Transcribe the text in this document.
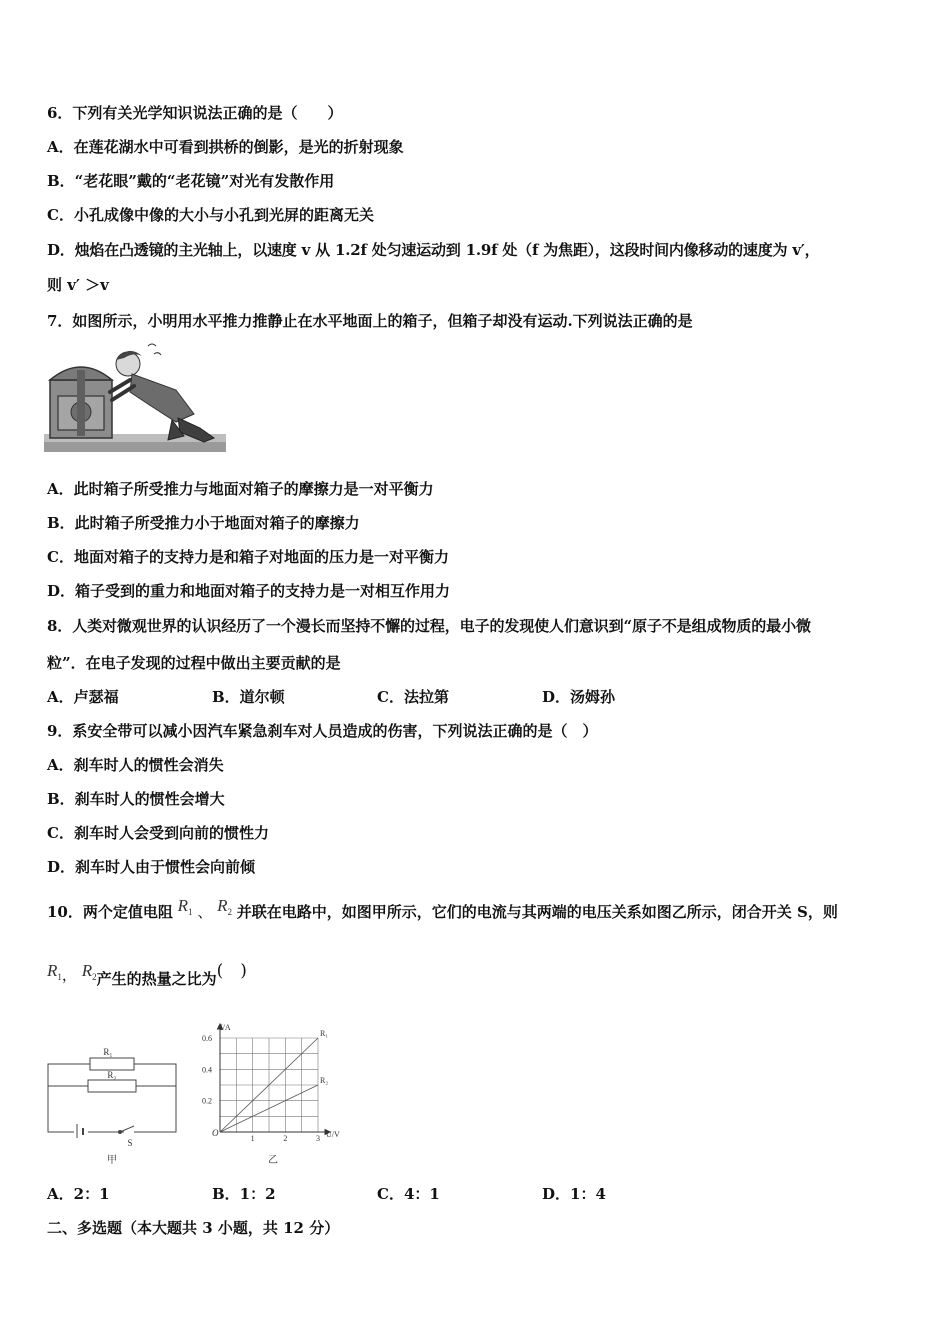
6．下列有关光学知识说法正确的是（　　）
A．在莲花湖水中可看到拱桥的倒影，是光的折射现象
B．“老花眼”戴的“老花镜”对光有发散作用
C．小孔成像中像的大小与小孔到光屏的距离无关
D．烛焰在凸透镜的主光轴上，以速度 v 从 1.2f 处匀速运动到 1.9f 处（f 为焦距），这段时间内像移动的速度为 v′，
则 v′ ＞v
7．如图所示，小明用水平推力推静止在水平地面上的箱子，但箱子却没有运动.下列说法正确的是
A．此时箱子所受推力与地面对箱子的摩擦力是一对平衡力
B．此时箱子所受推力小于地面对箱子的摩擦力
C．地面对箱子的支持力是和箱子对地面的压力是一对平衡力
D．箱子受到的重力和地面对箱子的支持力是一对相互作用力
8．人类对微观世界的认识经历了一个漫长而坚持不懈的过程，电子的发现使人们意识到“原子不是组成物质的最小微
粒”．在电子发现的过程中做出主要贡献的是
A．卢瑟福	B．道尔顿	C．法拉第	D．汤姆孙
9．系安全带可以减小因汽车紧急刹车对人员造成的伤害，下列说法正确的是（　）
A．刹车时人的惯性会消失
B．刹车时人的惯性会增大
C．刹车时人会受到向前的惯性力
D．刹车时人由于惯性会向前倾
10．两个定值电阻 $R_1$ 、 $R_2$ 并联在电路中，如图甲所示，它们的电流与其两端的电压关系如图乙所示，闭合开关 S，则
$R_1$， $R_2$产生的热量之比为(　)
R₁
R₂
S
甲
1	2	3
0.2
0.4
0.6
R₁
R₂
I/A
U/V
O
乙
A．2：1	B．1：2	C．4：1	D．1：4
二、多选题（本大题共 3 小题，共 12 分）
